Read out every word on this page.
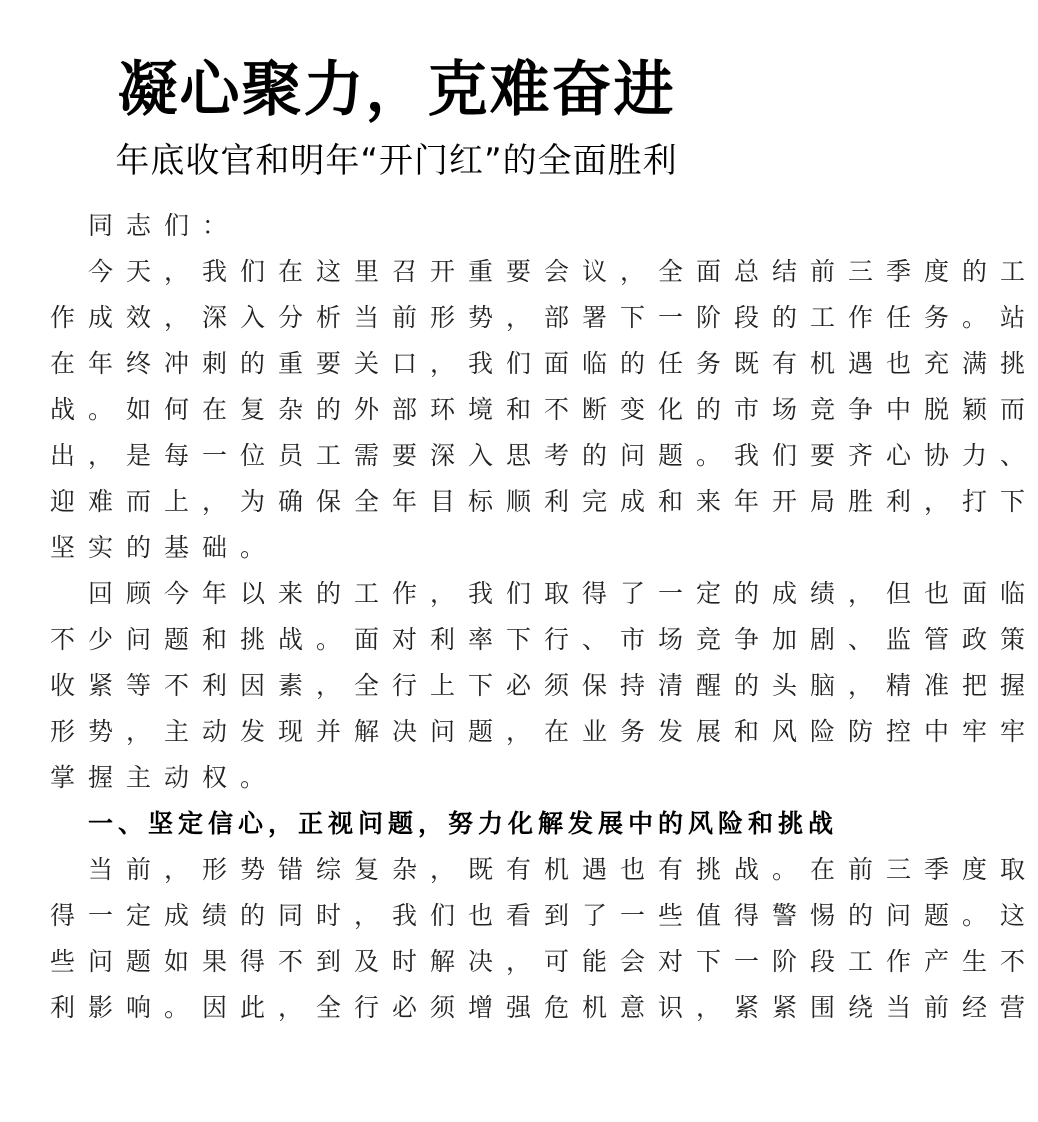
凝心聚力，克难奋进
年底收官和明年“开门红”的全面胜利
同志们：
今天，我们在这里召开重要会议，全面总结前三季度的工
作成效，深入分析当前形势，部署下一阶段的工作任务。站
在年终冲刺的重要关口，我们面临的任务既有机遇也充满挑
战。如何在复杂的外部环境和不断变化的市场竞争中脱颖而
出，是每一位员工需要深入思考的问题。我们要齐心协力、
迎难而上，为确保全年目标顺利完成和来年开局胜利，打下
坚实的基础。
回顾今年以来的工作，我们取得了一定的成绩，但也面临
不少问题和挑战。面对利率下行、市场竞争加剧、监管政策
收紧等不利因素，全行上下必须保持清醒的头脑，精准把握
形势，主动发现并解决问题，在业务发展和风险防控中牢牢
掌握主动权。
一、坚定信心，正视问题，努力化解发展中的风险和挑战
当前，形势错综复杂，既有机遇也有挑战。在前三季度取
得一定成绩的同时，我们也看到了一些值得警惕的问题。这
些问题如果得不到及时解决，可能会对下一阶段工作产生不
利影响。因此，全行必须增强危机意识，紧紧围绕当前经营
